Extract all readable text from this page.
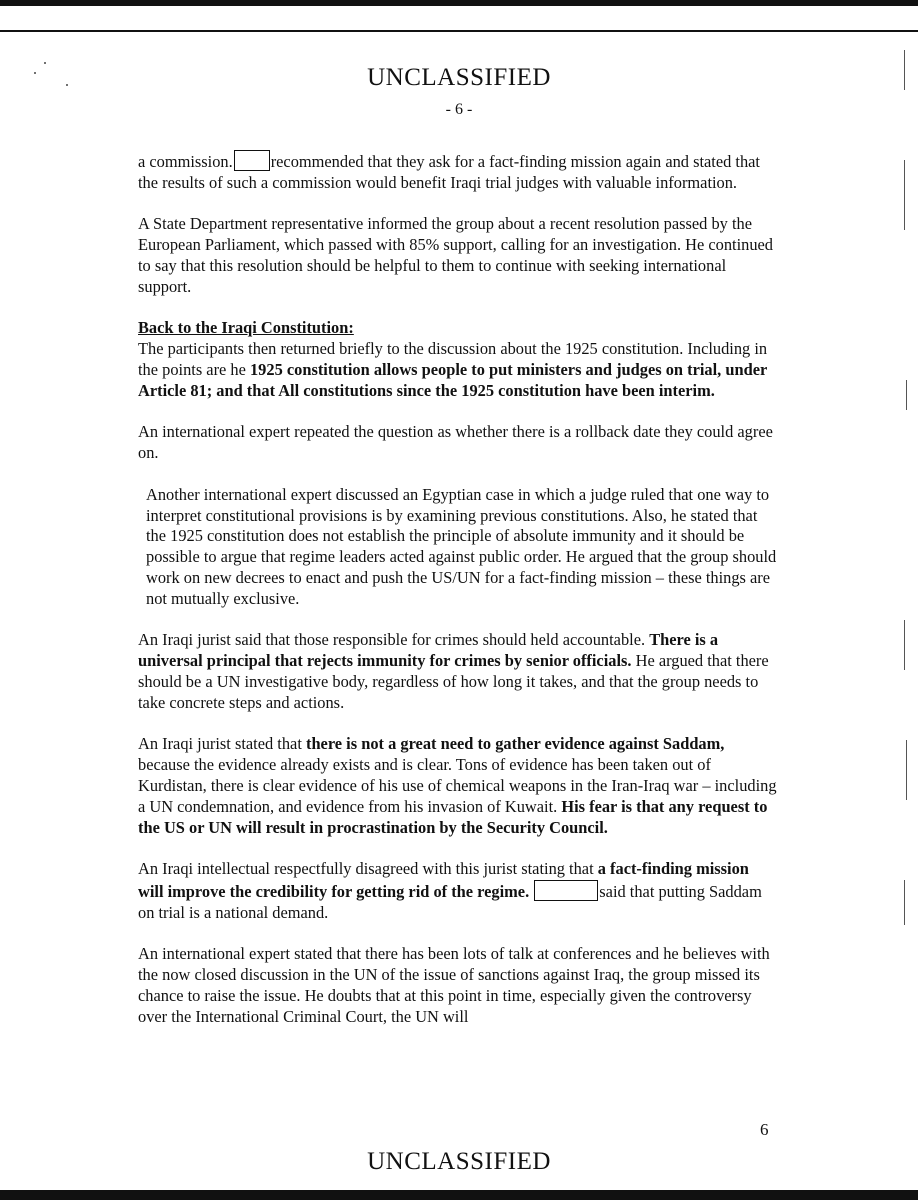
UNCLASSIFIED
- 6 -

a commission. recommended that they ask for a fact-finding mission again and stated that the results of such a commission would benefit Iraqi trial judges with valuable information.

A State Department representative informed the group about a recent resolution passed by the European Parliament, which passed with 85% support, calling for an investigation. He continued to say that this resolution should be helpful to them to continue with seeking international support.

Back to the Iraqi Constitution:
The participants then returned briefly to the discussion about the 1925 constitution. Including in the points are he 1925 constitution allows people to put ministers and judges on trial, under Article 81; and that All constitutions since the 1925 constitution have been interim.

An international expert repeated the question as whether there is a rollback date they could agree on.

Another international expert discussed an Egyptian case in which a judge ruled that one way to interpret constitutional provisions is by examining previous constitutions. Also, he stated that the 1925 constitution does not establish the principle of absolute immunity and it should be possible to argue that regime leaders acted against public order. He argued that the group should work on new decrees to enact and push the US/UN for a fact-finding mission – these things are not mutually exclusive.

An Iraqi jurist said that those responsible for crimes should held accountable. There is a universal principal that rejects immunity for crimes by senior officials. He argued that there should be a UN investigative body, regardless of how long it takes, and that the group needs to take concrete steps and actions.

An Iraqi jurist stated that there is not a great need to gather evidence against Saddam, because the evidence already exists and is clear. Tons of evidence has been taken out of Kurdistan, there is clear evidence of his use of chemical weapons in the Iran-Iraq war – including a UN condemnation, and evidence from his invasion of Kuwait. His fear is that any request to the US or UN will result in procrastination by the Security Council.

An Iraqi intellectual respectfully disagreed with this jurist stating that a fact-finding mission will improve the credibility for getting rid of the regime.	said that putting Saddam on trial is a national demand.

An international expert stated that there has been lots of talk at conferences and he believes with the now closed discussion in the UN of the issue of sanctions against Iraq, the group missed its chance to raise the issue. He doubts that at this point in time, especially given the controversy over the International Criminal Court, the UN will

6
UNCLASSIFIED
